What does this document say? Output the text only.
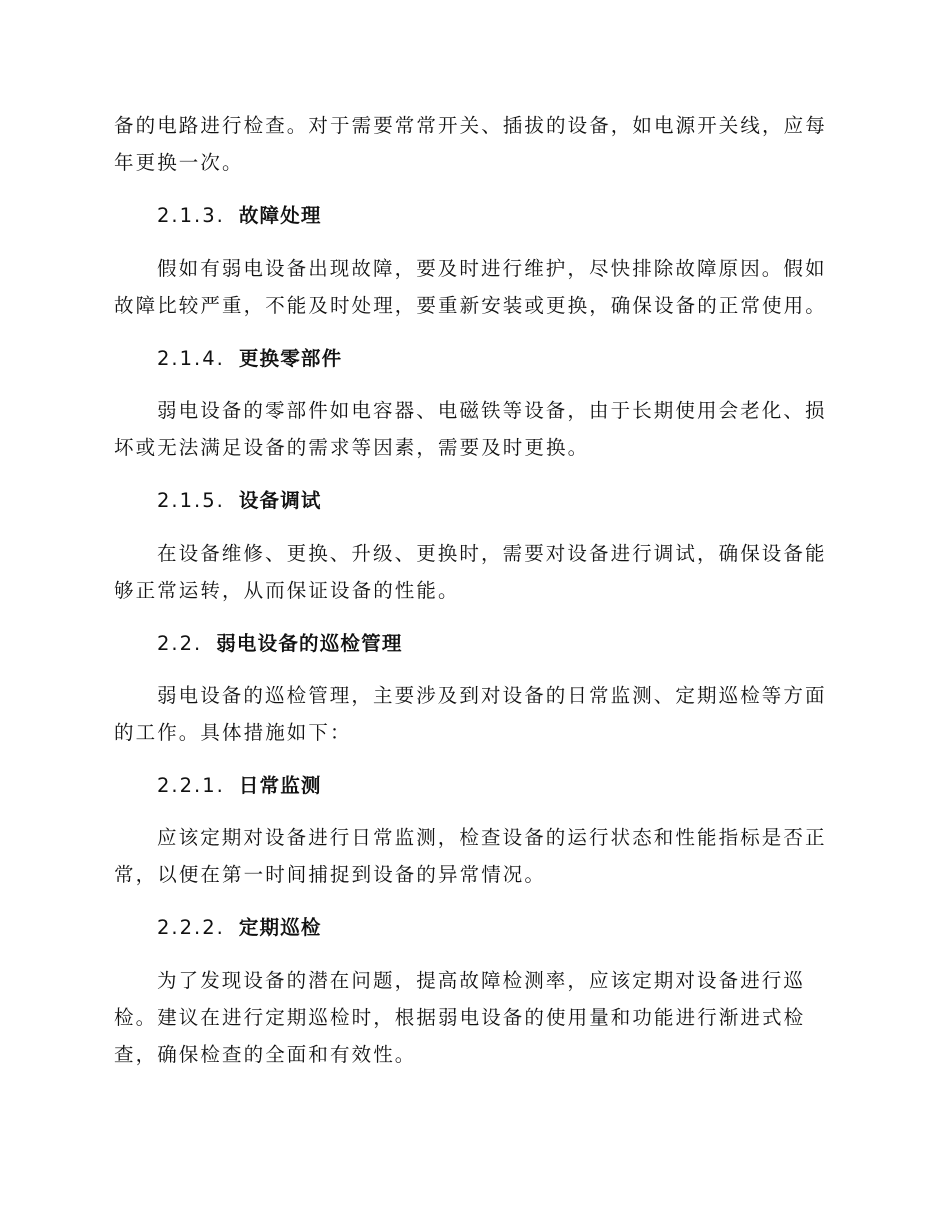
备的电路进行检查。对于需要常常开关、插拔的设备，如电源开关线，应每
年更换一次。
2.1.3. 故障处理
假如有弱电设备出现故障，要及时进行维护，尽快排除故障原因。假如
故障比较严重，不能及时处理，要重新安装或更换，确保设备的正常使用。
2.1.4. 更换零部件
弱电设备的零部件如电容器、电磁铁等设备，由于长期使用会老化、损
坏或无法满足设备的需求等因素，需要及时更换。
2.1.5. 设备调试
在设备维修、更换、升级、更换时，需要对设备进行调试，确保设备能
够正常运转，从而保证设备的性能。
2.2. 弱电设备的巡检管理
弱电设备的巡检管理，主要涉及到对设备的日常监测、定期巡检等方面
的工作。具体措施如下：
2.2.1. 日常监测
应该定期对设备进行日常监测，检查设备的运行状态和性能指标是否正
常，以便在第一时间捕捉到设备的异常情况。
2.2.2. 定期巡检
为了发现设备的潜在问题，提高故障检测率，应该定期对设备进行巡
检。建议在进行定期巡检时，根据弱电设备的使用量和功能进行渐进式检
查，确保检查的全面和有效性。
